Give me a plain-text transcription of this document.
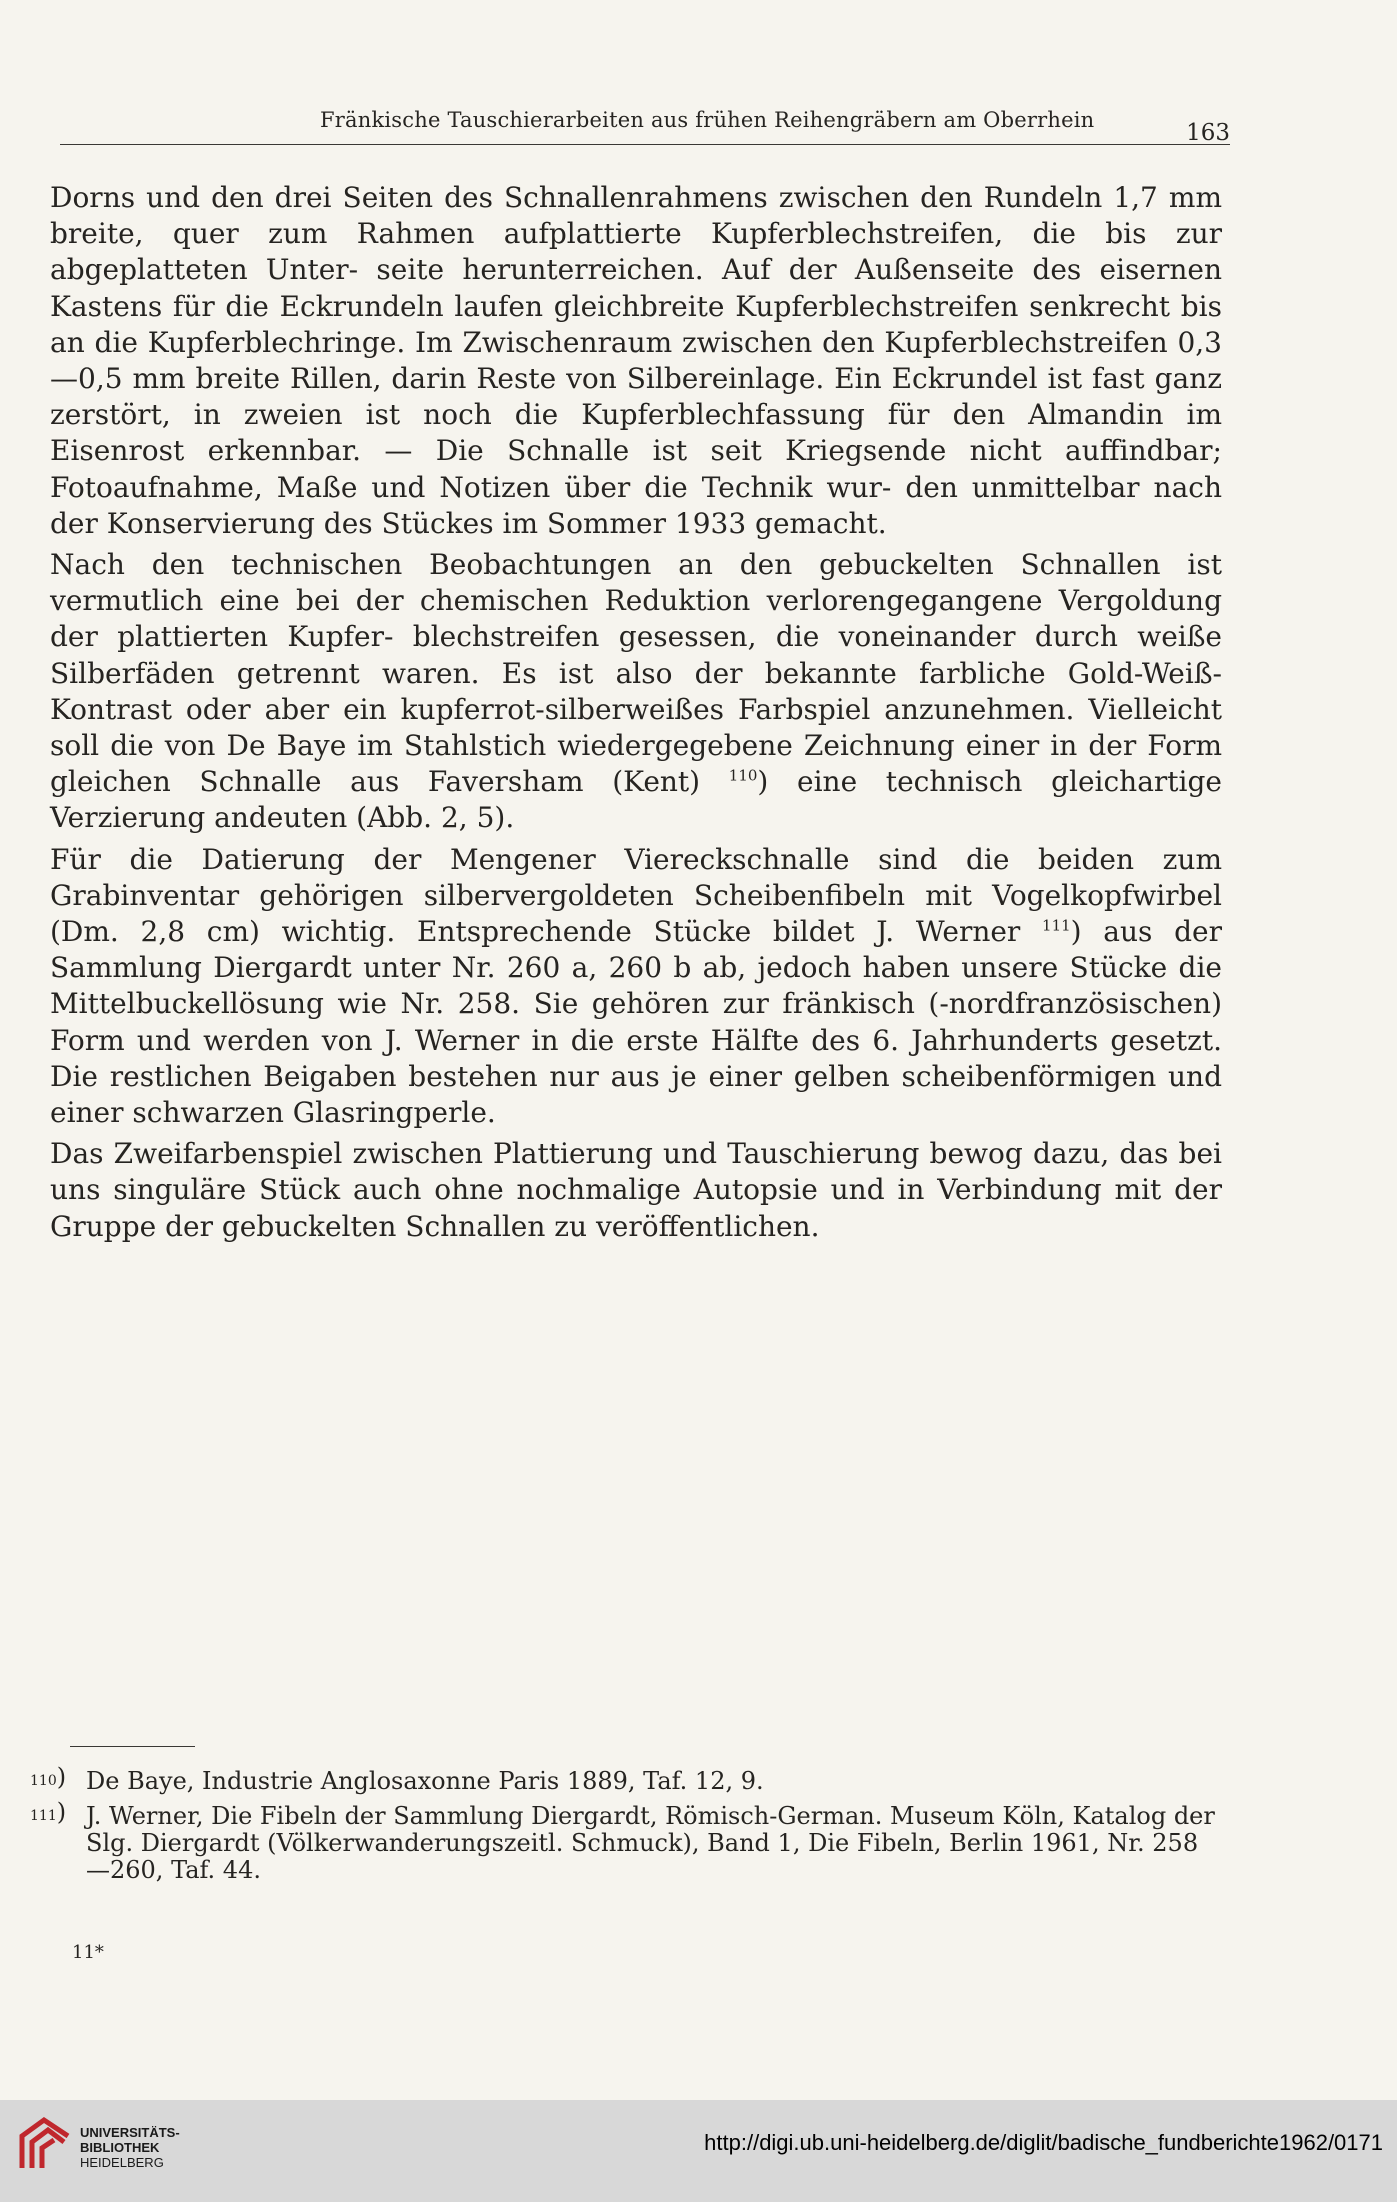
Fränkische Tauschierarbeiten aus frühen Reihengräbern am Oberrhein	163

Dorns und den drei Seiten des Schnallenrahmens zwischen den Rundeln 1,7 mm breite, quer zum Rahmen aufplattierte Kupferblechstreifen, die bis zur abgeplatteten Unter- seite herunterreichen. Auf der Außenseite des eisernen Kastens für die Eckrundeln laufen gleichbreite Kupferblechstreifen senkrecht bis an die Kupferblechringe. Im Zwischenraum zwischen den Kupferblechstreifen 0,3—0,5 mm breite Rillen, darin Reste von Silbereinlage. Ein Eckrundel ist fast ganz zerstört, in zweien ist noch die Kupferblechfassung für den Almandin im Eisenrost erkennbar. — Die Schnalle ist seit Kriegsende nicht auffindbar; Fotoaufnahme, Maße und Notizen über die Technik wur- den unmittelbar nach der Konservierung des Stückes im Sommer 1933 gemacht.

Nach den technischen Beobachtungen an den gebuckelten Schnallen ist vermutlich eine bei der chemischen Reduktion verlorengegangene Vergoldung der plattierten Kupfer- blechstreifen gesessen, die voneinander durch weiße Silberfäden getrennt waren. Es ist also der bekannte farbliche Gold-Weiß-Kontrast oder aber ein kupferrot-silberweißes Farbspiel anzunehmen. Vielleicht soll die von De Baye im Stahlstich wiedergegebene Zeichnung einer in der Form gleichen Schnalle aus Faversham (Kent) $^{110}$) eine technisch gleichartige Verzierung andeuten (Abb. 2, 5).

Für die Datierung der Mengener Viereckschnalle sind die beiden zum Grabinventar gehörigen silbervergoldeten Scheibenfibeln mit Vogelkopfwirbel (Dm. 2,8 cm) wichtig. Entsprechende Stücke bildet J. Werner $^{111}$) aus der Sammlung Diergardt unter Nr. 260 a, 260 b ab, jedoch haben unsere Stücke die Mittelbuckellösung wie Nr. 258. Sie gehören zur fränkisch (-nordfranzösischen) Form und werden von J. Werner in die erste Hälfte des 6. Jahrhunderts gesetzt. Die restlichen Beigaben bestehen nur aus je einer gelben scheibenförmigen und einer schwarzen Glasringperle.

Das Zweifarbenspiel zwischen Plattierung und Tauschierung bewog dazu, das bei uns singuläre Stück auch ohne nochmalige Autopsie und in Verbindung mit der Gruppe der gebuckelten Schnallen zu veröffentlichen.

110) De Baye, Industrie Anglosaxonne Paris 1889, Taf. 12, 9.
111) J. Werner, Die Fibeln der Sammlung Diergardt, Römisch-German. Museum Köln, Katalog der Slg. Diergardt (Völkerwanderungszeitl. Schmuck), Band 1, Die Fibeln, Berlin 1961, Nr. 258—260, Taf. 44.
11*
UNIVERSITÄTS-
BIBLIOTHEK
HEIDELBERG
http://digi.ub.uni-heidelberg.de/diglit/badische_fundberichte1962/0171
